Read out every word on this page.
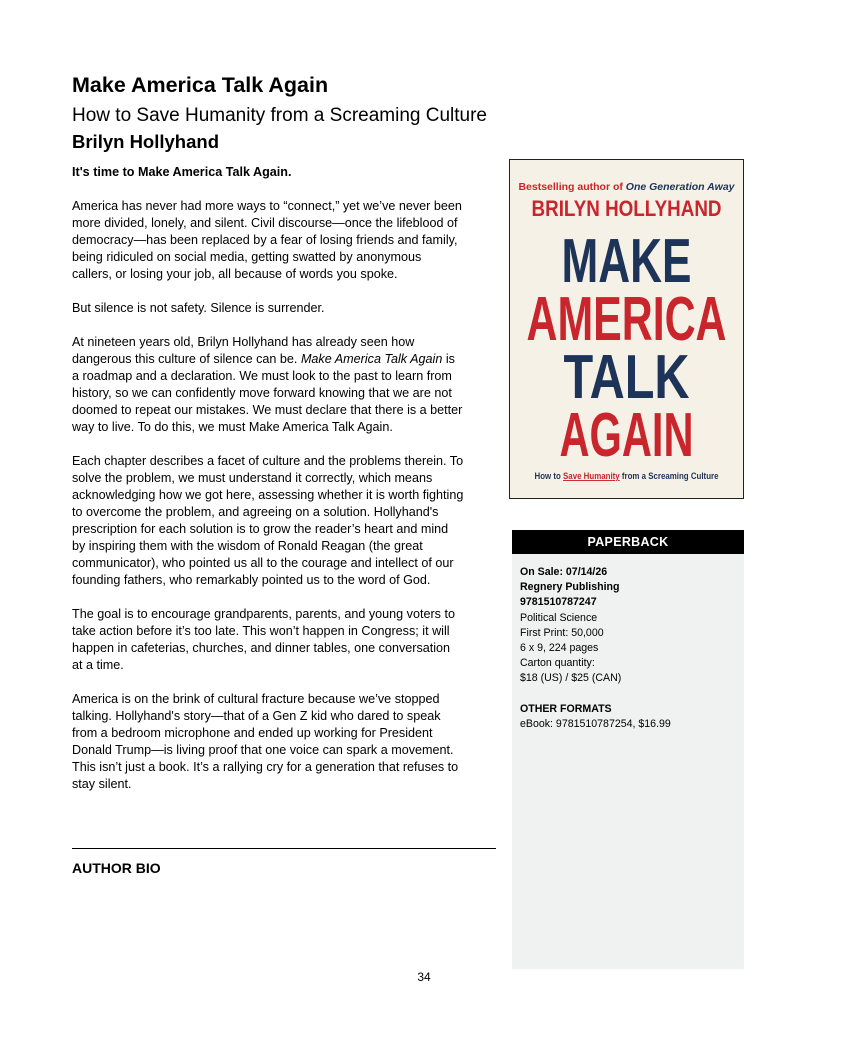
Make America Talk Again
How to Save Humanity from a Screaming Culture
Brilyn Hollyhand

It's time to Make America Talk Again.

America has never had more ways to “connect,” yet we’ve never been more divided, lonely, and silent. Civil discourse—once the lifeblood of democracy—has been replaced by a fear of losing friends and family, being ridiculed on social media, getting swatted by anonymous callers, or losing your job, all because of words you spoke.

But silence is not safety. Silence is surrender.

At nineteen years old, Brilyn Hollyhand has already seen how dangerous this culture of silence can be. Make America Talk Again is a roadmap and a declaration. We must look to the past to learn from history, so we can confidently move forward knowing that we are not doomed to repeat our mistakes. We must declare that there is a better way to live. To do this, we must Make America Talk Again.

Each chapter describes a facet of culture and the problems therein. To solve the problem, we must understand it correctly, which means acknowledging how we got here, assessing whether it is worth fighting to overcome the problem, and agreeing on a solution. Hollyhand's prescription for each solution is to grow the reader’s heart and mind by inspiring them with the wisdom of Ronald Reagan (the great communicator), who pointed us all to the courage and intellect of our founding fathers, who remarkably pointed us to the word of God.

The goal is to encourage grandparents, parents, and young voters to take action before it’s too late. This won’t happen in Congress; it will happen in cafeterias, churches, and dinner tables, one conversation at a time.

America is on the brink of cultural fracture because we’ve stopped talking. Hollyhand's story—that of a Gen Z kid who dared to speak from a bedroom microphone and ended up working for President Donald Trump—is living proof that one voice can spark a movement. This isn’t just a book. It’s a rallying cry for a generation that refuses to stay silent.

AUTHOR BIO
Bestselling author of One Generation Away
BRILYN HOLLYHAND
MAKE
AMERICA
TALK
AGAIN
How to Save Humanity from a Screaming Culture
PAPERBACK
On Sale: 07/14/26
Regnery Publishing
9781510787247
Political Science
First Print: 50,000
6 x 9, 224 pages
Carton quantity:
$18 (US) / $25 (CAN)
OTHER FORMATS
eBook: 9781510787254, $16.99
34
